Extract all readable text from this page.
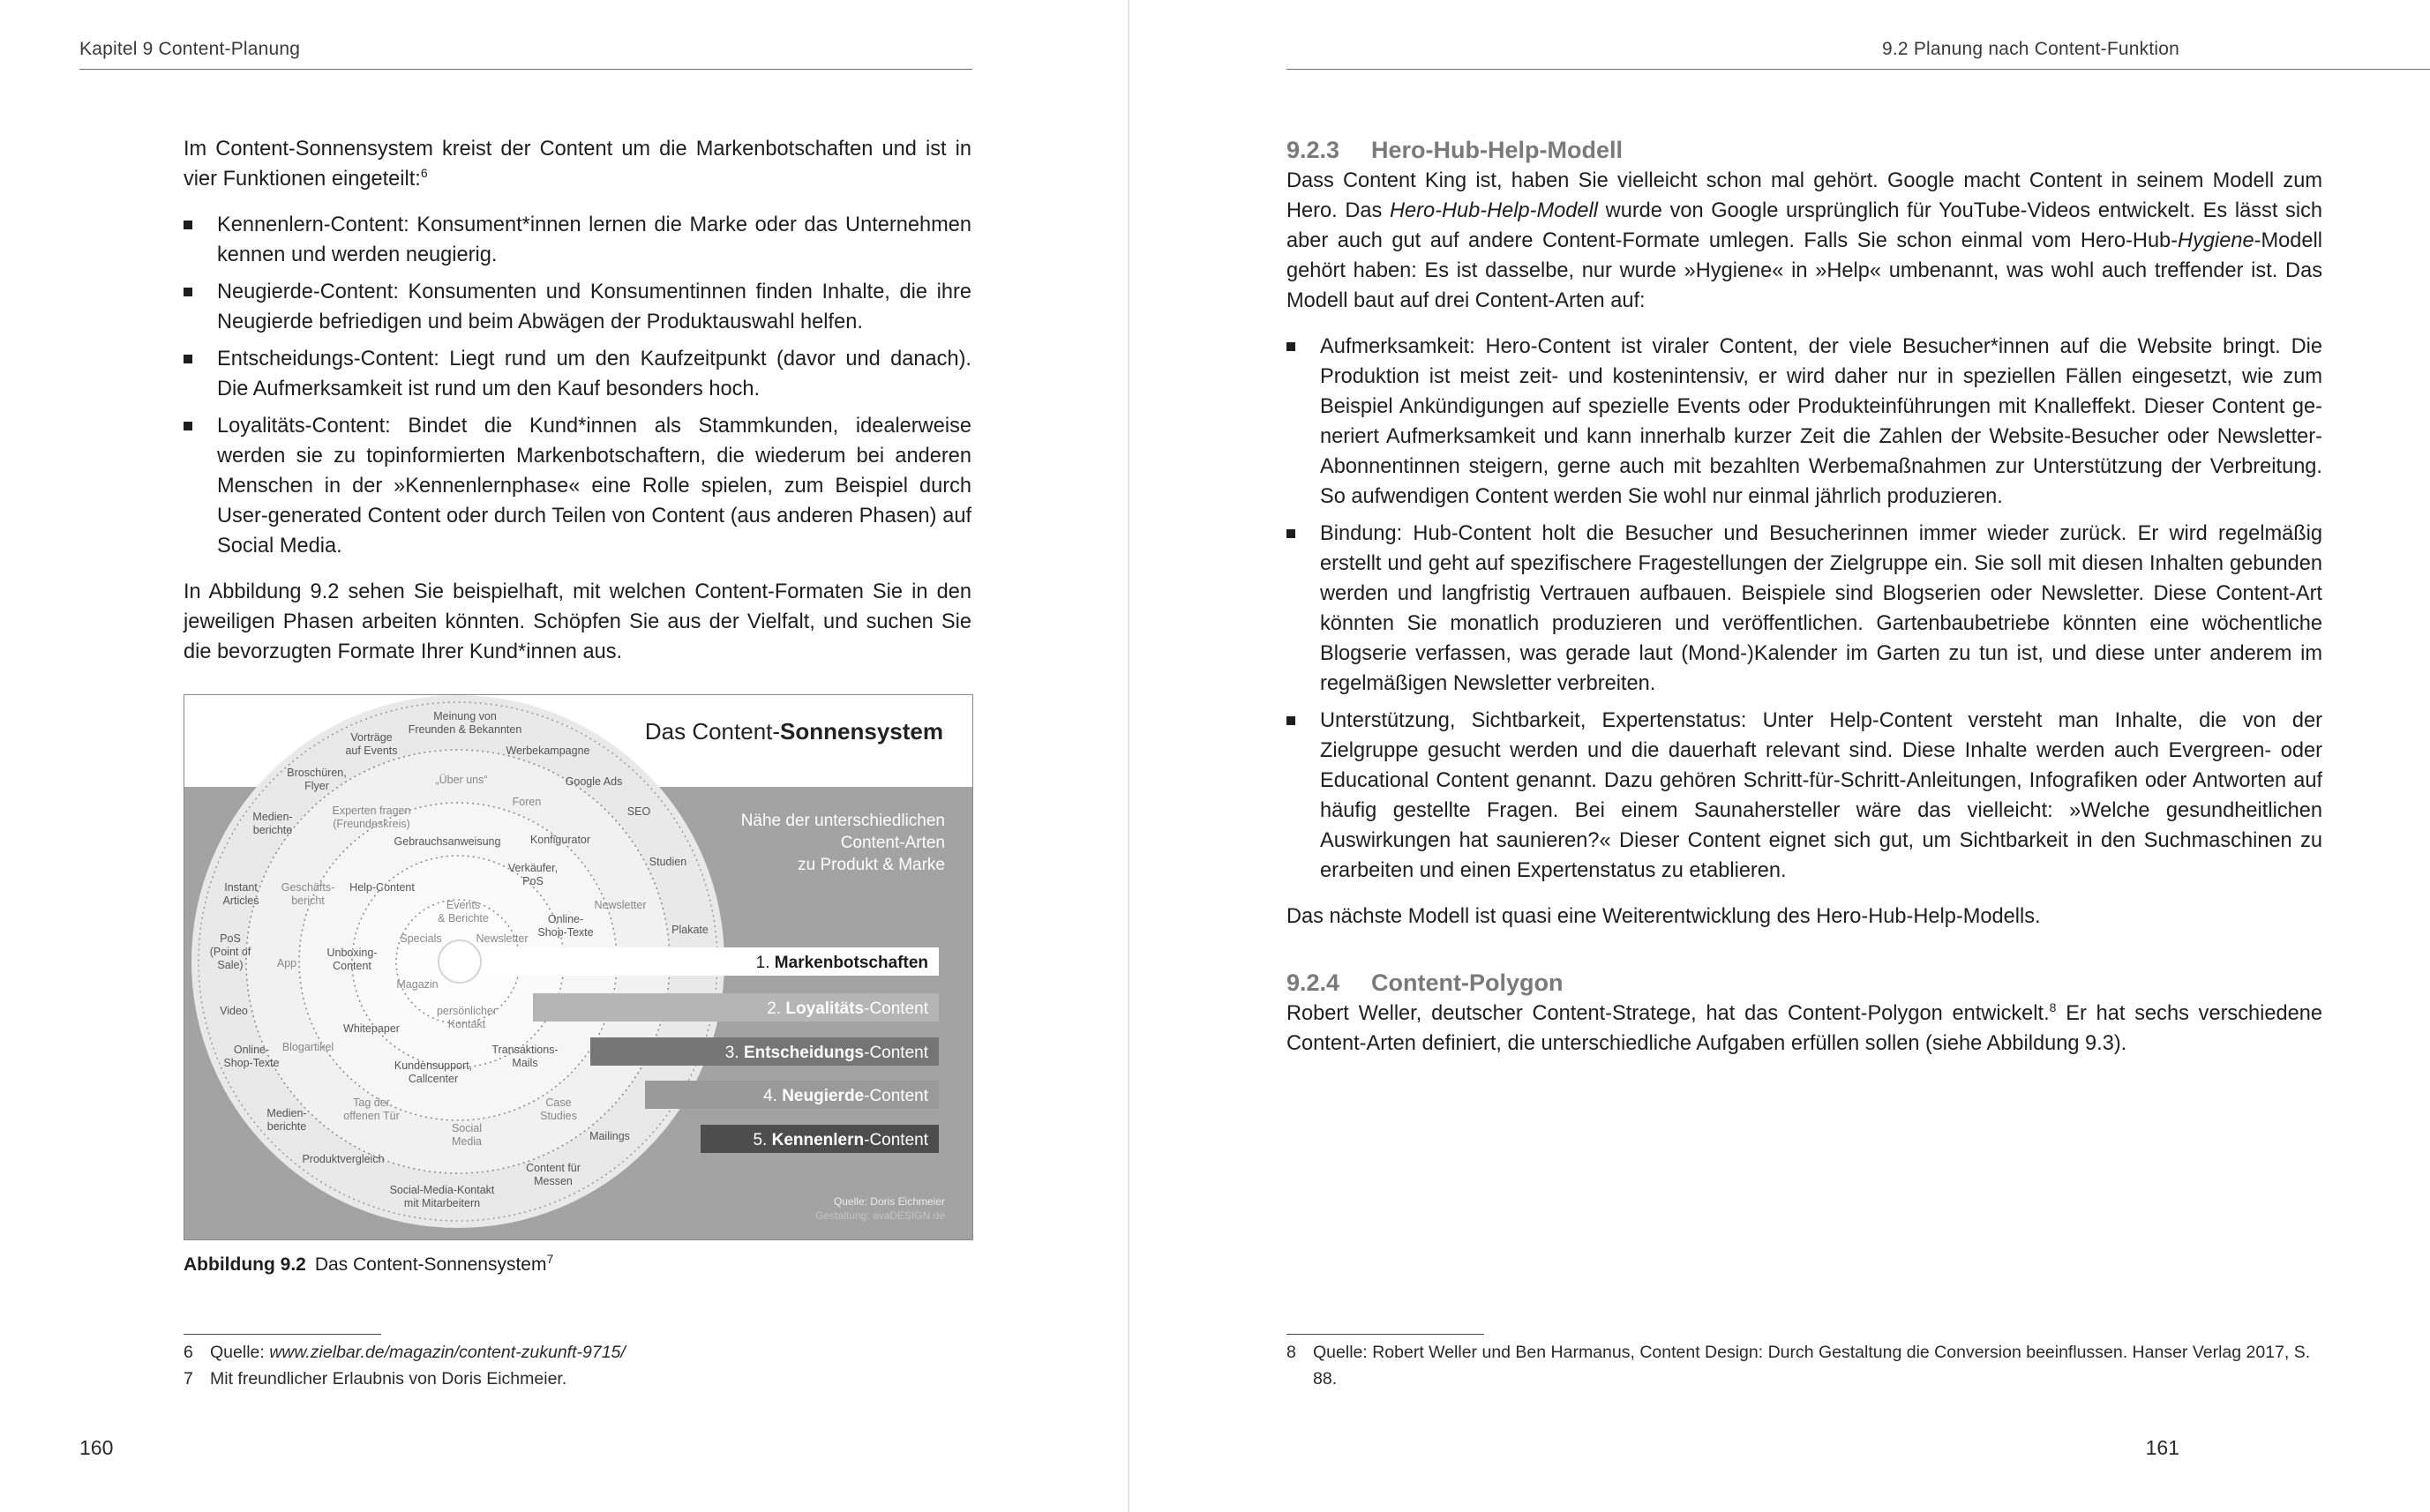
Kapitel 9 Content-Planung

Im Content-Sonnensystem kreist der Content um die Markenbotschaften und ist in vier Funktionen eingeteilt:$^6$

Kennenlern-Content: Konsument*innen lernen die Marke oder das Unternehmen kennen und werden neugierig.
Neugierde-Content: Konsumenten und Konsumentinnen finden Inhalte, die ihre Neugierde befriedigen und beim Abwägen der Produktauswahl helfen.
Entscheidungs-Content: Liegt rund um den Kaufzeitpunkt (davor und danach). Die Aufmerksamkeit ist rund um den Kauf besonders hoch.
Loyalitäts-Content: Bindet die Kund*innen als Stammkunden, idealerweise werden sie zu topinformierten Markenbotschaftern, die wiederum bei anderen Menschen in der »Kennenlernphase« eine Rolle spielen, zum Beispiel durch User-generated Content oder durch Teilen von Content (aus anderen Phasen) auf Social Media.

In Abbildung 9.2 sehen Sie beispielhaft, mit welchen Content-Formaten Sie in den jeweiligen Phasen arbeiten könnten. Schöpfen Sie aus der Vielfalt, und suchen Sie die bevorzugten Formate Ihrer Kund*innen aus.

1. Markenbotschaften
2. Loyalitäts-Content
3. Entscheidungs-Content
4. Neugierde-Content
5. Kennenlern-Content
Das Content-Sonnensystem
Nähe der unterschiedlichen
Content-Arten
zu Produkt & Marke
Meinung von
Freunden & Bekannten
Vorträge
auf Events	Werbekampagne
Broschüren,
Flyer	„Über uns“	Google Ads
Foren
Medien-
berichte
Experten fragen
(Freundeskreis)
SEO
Konfigurator
Gebrauchsanweisung
Studien
Verkäufer,
PoS
Instant
Articles
Geschäfts-
bericht
Help-Content
Events
& Berichte
Newsletter
Online-
Shop-Texte	Plakate
Specials	Newsletter
PoS
(Point of
Sale)	App
Unboxing-
Content
Magazin
persönlicher
Kontakt
Video
Whitepaper
Online-
Shop-Texte
Blogartikel	Transaktions-
Mails
Kundensupport,
Callcenter
Tag der
offenen Tür
Case
Studies
Medien-
berichte	Social
Media	Mailings
Produktvergleich
Content für
Messen
Social-Media-Kontakt
mit Mitarbeitern	Quelle: Doris Eichmeier
Gestaltung: avaDESIGN.de
Abbildung 9.2 Das Content-Sonnensystem$^7$
6 Quelle: www.zielbar.de/magazin/content-zukunft-9715/
7 Mit freundlicher Erlaubnis von Doris Eichmeier.
160
9.2 Planung nach Content-Funktion
9.2.3 Hero-Hub-Help-Modell

Dass Content King ist, haben Sie vielleicht schon mal gehört. Google macht Content in seinem Modell zum Hero. Das Hero-Hub-Help-Modell wurde von Google ursprünglich für YouTube-Videos entwickelt. Es lässt sich aber auch gut auf andere Content-Formate umlegen. Falls Sie schon einmal vom Hero-Hub-Hygiene-Modell gehört haben: Es ist dasselbe, nur wurde »Hygiene« in »Help« umbenannt, was wohl auch treffender ist. Das Modell baut auf drei Content-Arten auf:

Aufmerksamkeit: Hero-Content ist viraler Content, der viele Besucher*innen auf die Website bringt. Die Produktion ist meist zeit- und kostenintensiv, er wird daher nur in speziellen Fällen eingesetzt, wie zum Beispiel Ankündigungen auf spezielle Events oder Produkteinführungen mit Knalleffekt. Dieser Content generiert Aufmerksamkeit und kann innerhalb kurzer Zeit die Zahlen der Website-Besucher oder Newsletter-Abonnentinnen steigern, gerne auch mit bezahlten Werbemaßnahmen zur Unterstützung der Verbreitung. So aufwendigen Content werden Sie wohl nur einmal jährlich produzieren.
Bindung: Hub-Content holt die Besucher und Besucherinnen immer wieder zurück. Er wird regelmäßig erstellt und geht auf spezifischere Fragestellungen der Zielgruppe ein. Sie soll mit diesen Inhalten gebunden werden und langfristig Vertrauen aufbauen. Beispiele sind Blogserien oder Newsletter. Diese Content-Art könnten Sie monatlich produzieren und veröffentlichen. Gartenbaubetriebe könnten eine wöchentliche Blogserie verfassen, was gerade laut (Mond-)Kalender im Garten zu tun ist, und diese unter anderem im regelmäßigen Newsletter verbreiten.
Unterstützung, Sichtbarkeit, Expertenstatus: Unter Help-Content versteht man Inhalte, die von der Zielgruppe gesucht werden und die dauerhaft relevant sind. Diese Inhalte werden auch Evergreen- oder Educational Content genannt. Dazu gehören Schritt-für-Schritt-Anleitungen, Infografiken oder Antworten auf häufig gestellte Fragen. Bei einem Saunahersteller wäre das vielleicht: »Welche gesundheitlichen Auswirkungen hat saunieren?« Dieser Content eignet sich gut, um Sichtbarkeit in den Suchmaschinen zu erarbeiten und einen Expertenstatus zu etablieren.

Das nächste Modell ist quasi eine Weiterentwicklung des Hero-Hub-Help-Modells.

9.2.4 Content-Polygon

Robert Weller, deutscher Content-Stratege, hat das Content-Polygon entwickelt.$^8$ Er hat sechs verschiedene Content-Arten definiert, die unterschiedliche Aufgaben erfüllen sollen (siehe Abbildung 9.3).

8 Quelle: Robert Weller und Ben Harmanus, Content Design: Durch Gestaltung die Conversion beeinflussen. Hanser Verlag 2017, S. 88.
161
